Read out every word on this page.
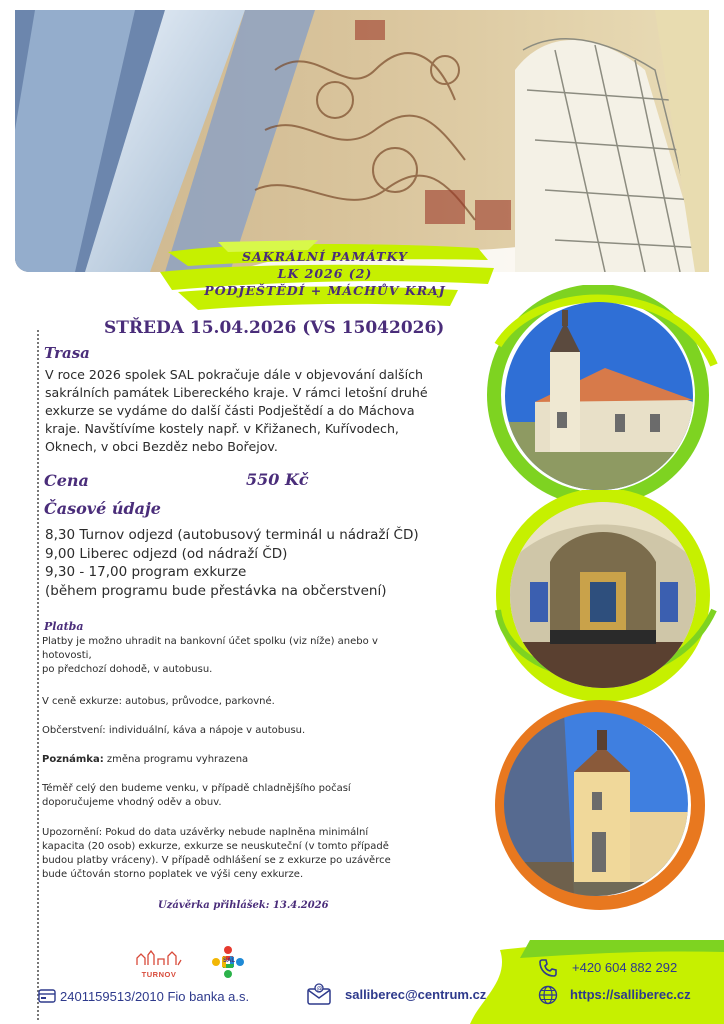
SAKRÁLNÍ PAMÁTKY
LK 2026 (2)
PODJEŠTĚDÍ + MÁCHŮV KRAJ
STŘEDA 15.04.2026 (VS 15042026)
Trasa
V roce 2026 spolek SAL pokračuje dále v objevování dalších
sakrálních památek Libereckého kraje. V rámci letošní druhé
exkurze se vydáme do další části Podještědí a do Máchova
kraje. Navštívíme kostely např. v Křižanech, Kuřívodech,
Oknech, v obci Bezděz nebo Bořejov.
Cena	550 Kč
Časové údaje
8,30 Turnov odjezd (autobusový terminál u nádraží ČD)
9,00 Liberec odjezd (od nádraží ČD)
9,30 - 17,00 program exkurze
(během programu bude přestávka na občerstvení)
Platba
Platby je možno uhradit na bankovní účet spolku (viz níže) anebo v
hotovosti,
po předchozí dohodě, v autobusu.
V ceně exkurze: autobus, průvodce, parkovné.
Občerstvení: individuální, káva a nápoje v autobusu.
Poznámka: změna programu vyhrazena
Téměř celý den budeme venku, v případě chladnějšího počasí
doporučujeme vhodný oděv a obuv.
Upozornění: Pokud do data uzávěrky nebude naplněna minimální
kapacita (20 osob) exkurze, exkurze se neuskuteční (v tomto případě
budou platby vráceny). V případě odhlášení se z exkurze po uzávěrce
bude účtován storno poplatek ve výši ceny exkurze.
Uzávěrka přihlášek: 13.4.2026
TURNOV
SAL
2401159513/2010 Fio banka a.s.	@ salliberec@centrum.cz
+420 604 882 292
https://salliberec.cz
